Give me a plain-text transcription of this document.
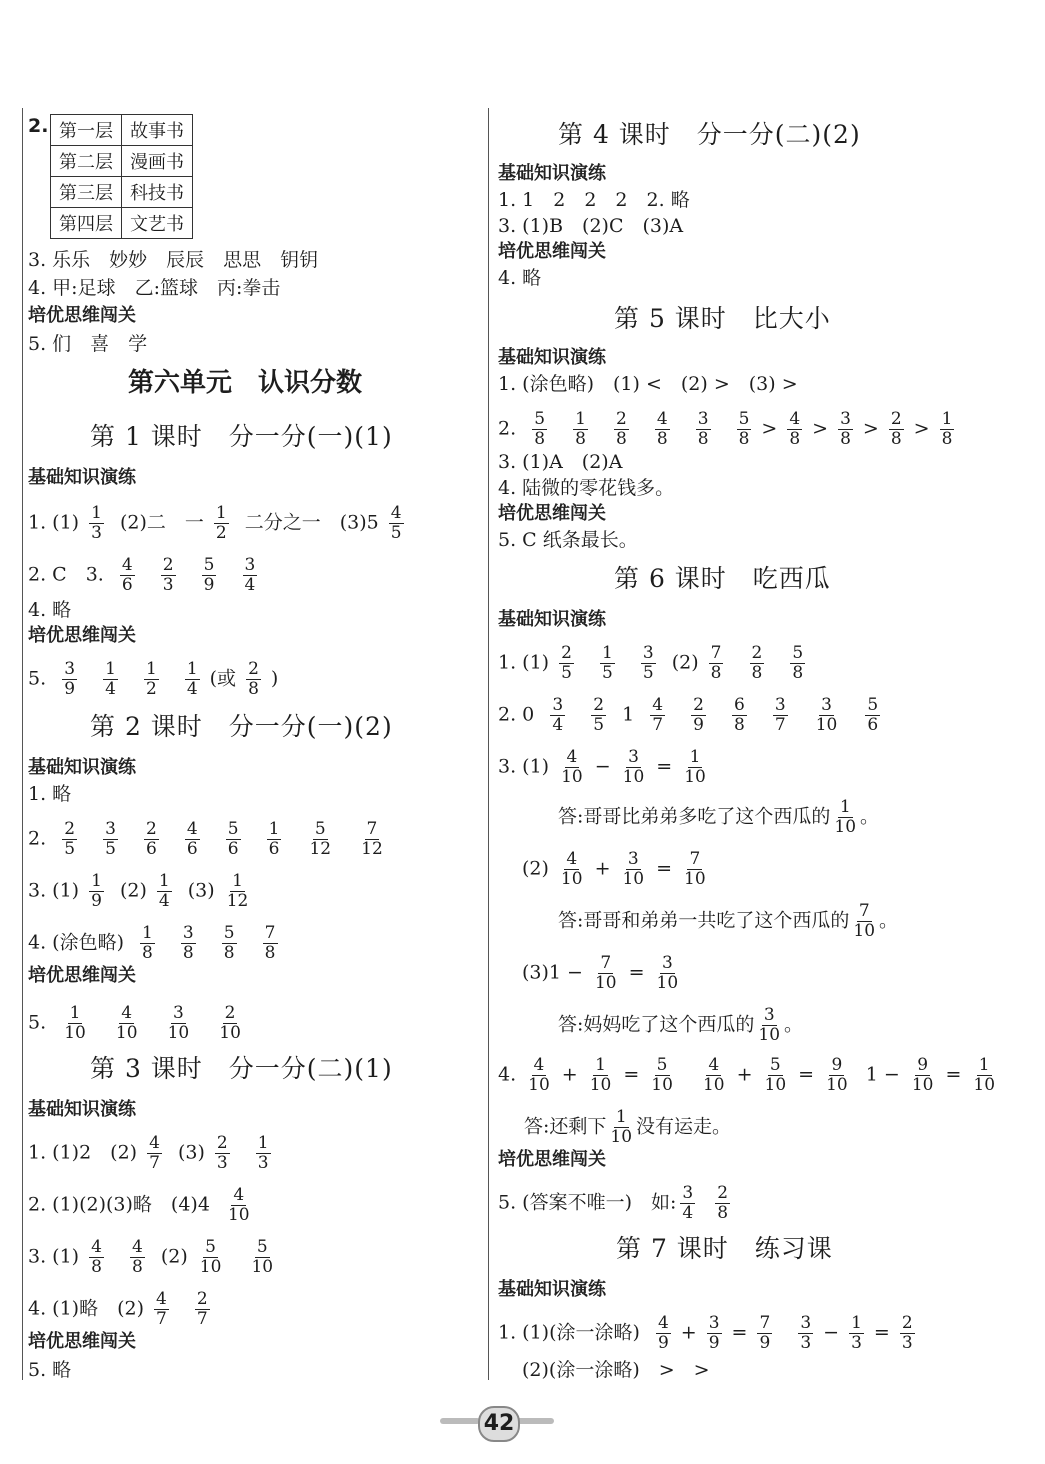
2. 第一层	故事书
第二层	漫画书
第三层	科技书
第四层	文艺书
3. 乐乐　妙妙　辰辰　思思　钥钥
4. 甲:足球　乙:篮球　丙:拳击
培优思维闯关
5. 们　喜　学
第六单元　认识分数
第 1 课时　分一分(一)(1)
基础知识演练
1. $(1) \frac{1}{3} (2)$二　一 $\frac{1}{2}$ 二分之一　$(3)5 \frac{4}{5}$
2. C　3. $\frac{4}{6}$
$\frac{2}{3}$
$\frac{5}{9}$
$\frac{3}{4}$
4. 略
培优思维闯关
5. $\frac{3}{9}$
$\frac{1}{4}$
$\frac{1}{2}$
$\frac{1}{4}$ (或 $\frac{2}{8}$ )
第 2 课时　分一分(一)(2)
基础知识演练
1. 略
2. $\frac{2}{5}$
$\frac{3}{5}$
$\frac{2}{6}$
$\frac{4}{6}$
$\frac{5}{6}$
$\frac{1}{6}$
$\frac{5}{12}$
$\frac{7}{12}$
3. $(1) \frac{1}{9} (2) \frac{1}{4} (3) \frac{1}{12}$
4. (涂色略) $\frac{1}{8}$
$\frac{3}{8}$
$\frac{5}{8}$
$\frac{7}{8}$
培优思维闯关
5. $\frac{1}{10}$
$\frac{4}{10}$
$\frac{3}{10}$
$\frac{2}{10}$
第 3 课时　分一分(二)(1)
基础知识演练
1. (1)2　$(2) \frac{4}{7} (3) \frac{2}{3}$
$\frac{1}{3}$
2. (1)(2)(3)略　$(4)4 \frac{4}{10}$
3. $(1) \frac{4}{8}$
$\frac{4}{8} (2) \frac{5}{10}$
$\frac{5}{10}$
4. (1)略　$(2) \frac{4}{7}$
$\frac{2}{7}$
培优思维闯关
5. 略
第 4 课时　分一分(二)(2)
基础知识演练
1. 1　2　2　2　2. 略
3. (1)B　(2)C　(3)A
培优思维闯关
4. 略
第 5 课时　比大小
基础知识演练
1. (涂色略)　(1) <　(2) >　(3) >
2. $\frac{5}{8}$
$\frac{1}{8}$
$\frac{2}{8}$
$\frac{4}{8}$
$\frac{3}{8}$
$\frac{5}{8} > \frac{4}{8} > \frac{3}{8} > \frac{2}{8} > \frac{1}{8}$
3. (1)A　(2)A
4. 陆微的零花钱多。
培优思维闯关
5. C 纸条最长。
第 6 课时　吃西瓜
基础知识演练
1. $(1) \frac{2}{5}$
$\frac{1}{5}$
$\frac{3}{5} (2) \frac{7}{8}$
$\frac{2}{8}$
$\frac{5}{8}$
2. $0 \frac{3}{4}$
$\frac{2}{5} 1 \frac{4}{7}$
$\frac{2}{9}$
$\frac{6}{8}$
$\frac{3}{7}$
$\frac{3}{10}$
$\frac{5}{6}$
3. $(1) \frac{4}{10} - \frac{3}{10} = \frac{1}{10}$
答:哥哥比弟弟多吃了这个西瓜的 $\frac{1}{10}$ 。
$(2) \frac{4}{10} + \frac{3}{10} = \frac{7}{10}$
答:哥哥和弟弟一共吃了这个西瓜的 $\frac{7}{10}$ 。
$(3)1 - \frac{7}{10} = \frac{3}{10}$
答:妈妈吃了这个西瓜的 $\frac{3}{10}$ 。
4. $\frac{4}{10} + \frac{1}{10} = \frac{5}{10}$
$\frac{4}{10} + \frac{5}{10} = \frac{9}{10} 1 - \frac{9}{10} = \frac{1}{10}$
答:还剩下 $\frac{1}{10}$ 没有运走。
培优思维闯关
5. (答案不唯一)　如: $\frac{3}{4}$
$\frac{2}{8}$
第 7 课时　练习课
基础知识演练
1. (1)(涂一涂略) $\frac{4}{9} + \frac{3}{9} = \frac{7}{9}$
$\frac{3}{3} - \frac{1}{3} = \frac{2}{3}$
(2)(涂一涂略)　>　>
42
